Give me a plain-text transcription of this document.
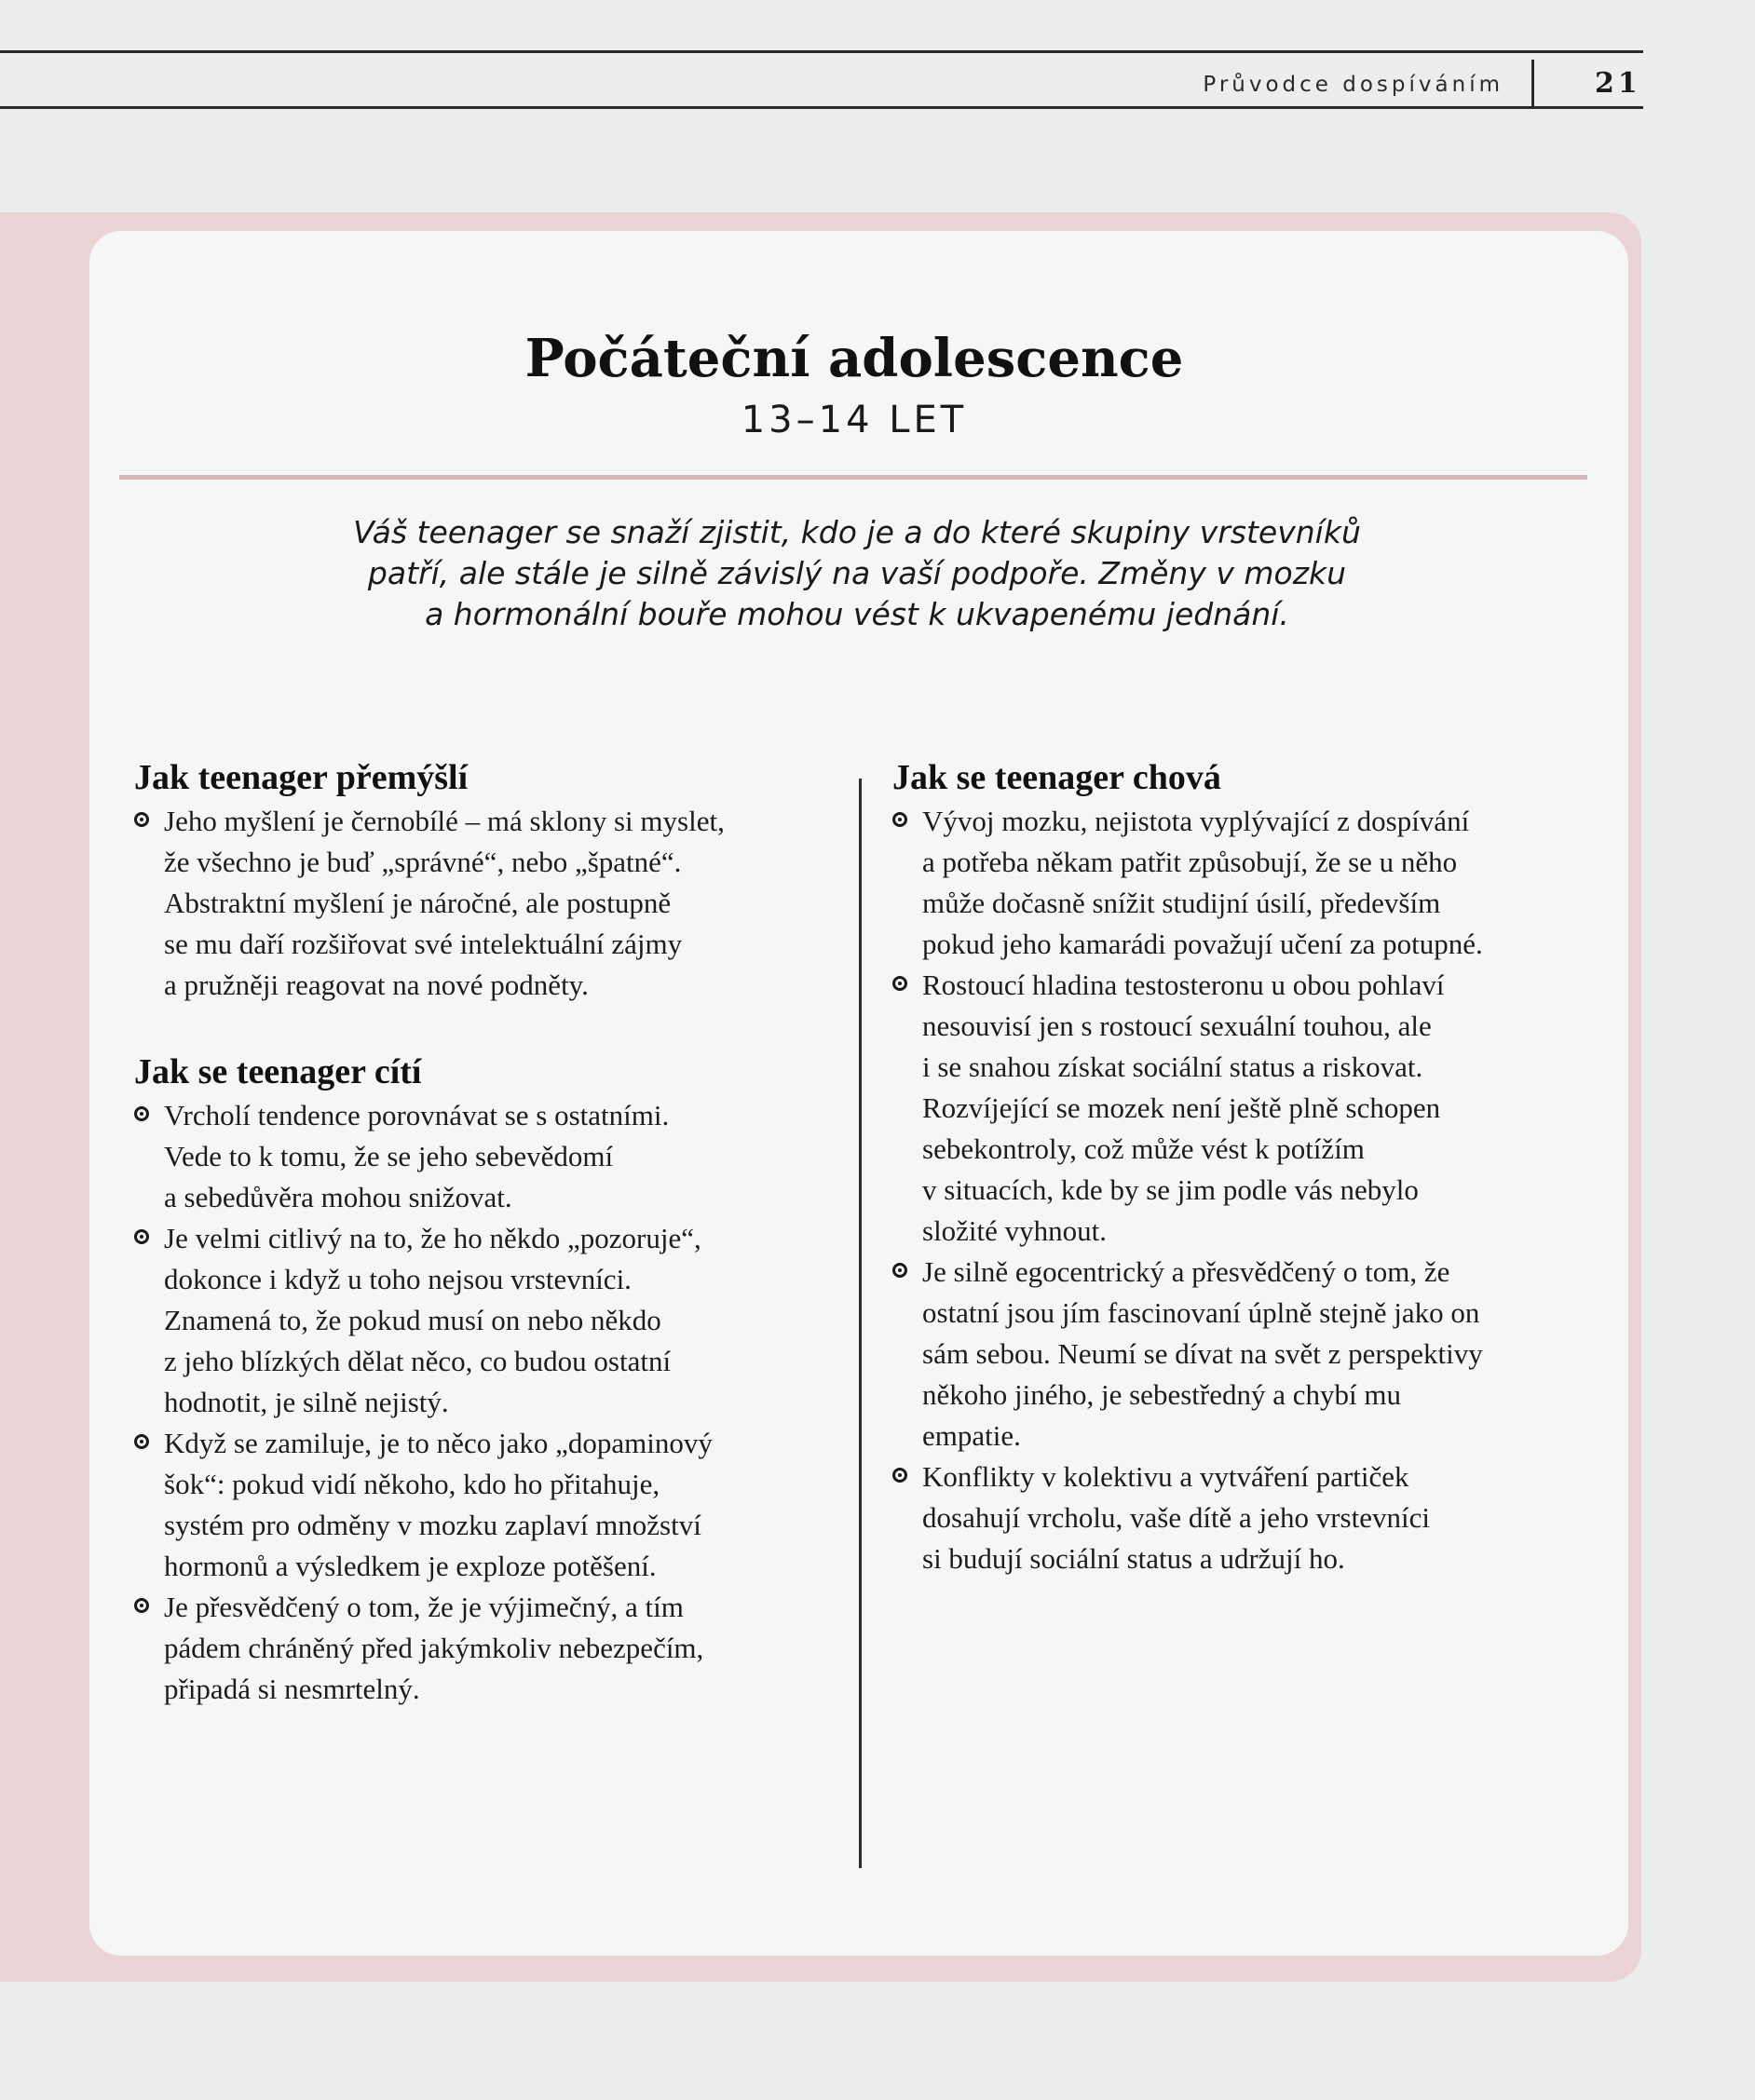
Průvodce dospíváním	21
Počáteční adolescence
13–14 LET
Váš teenager se snaží zjistit, kdo je a do které skupiny vrstevníků
patří, ale stále je silně závislý na vaší podpoře. Změny v mozku
a hormonální bouře mohou vést k ukvapenému jednání.
Jak teenager přemýšlí
Jeho myšlení je černobílé – má sklony si myslet,
že všechno je buď „správné“, nebo „špatné“.
Abstraktní myšlení je náročné, ale postupně
se mu daří rozšiřovat své intelektuální zájmy
a pružněji reagovat na nové podněty.
Jak se teenager cítí
Vrcholí tendence porovnávat se s ostatními.
Vede to k tomu, že se jeho sebevědomí
a sebedůvěra mohou snižovat.
Je velmi citlivý na to, že ho někdo „pozoruje“,
dokonce i když u toho nejsou vrstevníci.
Znamená to, že pokud musí on nebo někdo
z jeho blízkých dělat něco, co budou ostatní
hodnotit, je silně nejistý.
Když se zamiluje, je to něco jako „dopaminový
šok“: pokud vidí někoho, kdo ho přitahuje,
systém pro odměny v mozku zaplaví množství
hormonů a výsledkem je exploze potěšení.
Je přesvědčený o tom, že je výjimečný, a tím
pádem chráněný před jakýmkoliv nebezpečím,
připadá si nesmrtelný.
Jak se teenager chová
Vývoj mozku, nejistota vyplývající z dospívání
a potřeba někam patřit způsobují, že se u něho
může dočasně snížit studijní úsilí, především
pokud jeho kamarádi považují učení za potupné.
Rostoucí hladina testosteronu u obou pohlaví
nesouvisí jen s rostoucí sexuální touhou, ale
i se snahou získat sociální status a riskovat.
Rozvíjející se mozek není ještě plně schopen
sebekontroly, což může vést k potížím
v situacích, kde by se jim podle vás nebylo
složité vyhnout.
Je silně egocentrický a přesvědčený o tom, že
ostatní jsou jím fascinovaní úplně stejně jako on
sám sebou. Neumí se dívat na svět z perspektivy
někoho jiného, je sebestředný a chybí mu
empatie.
Konflikty v kolektivu a vytváření partiček
dosahují vrcholu, vaše dítě a jeho vrstevníci
si budují sociální status a udržují ho.
